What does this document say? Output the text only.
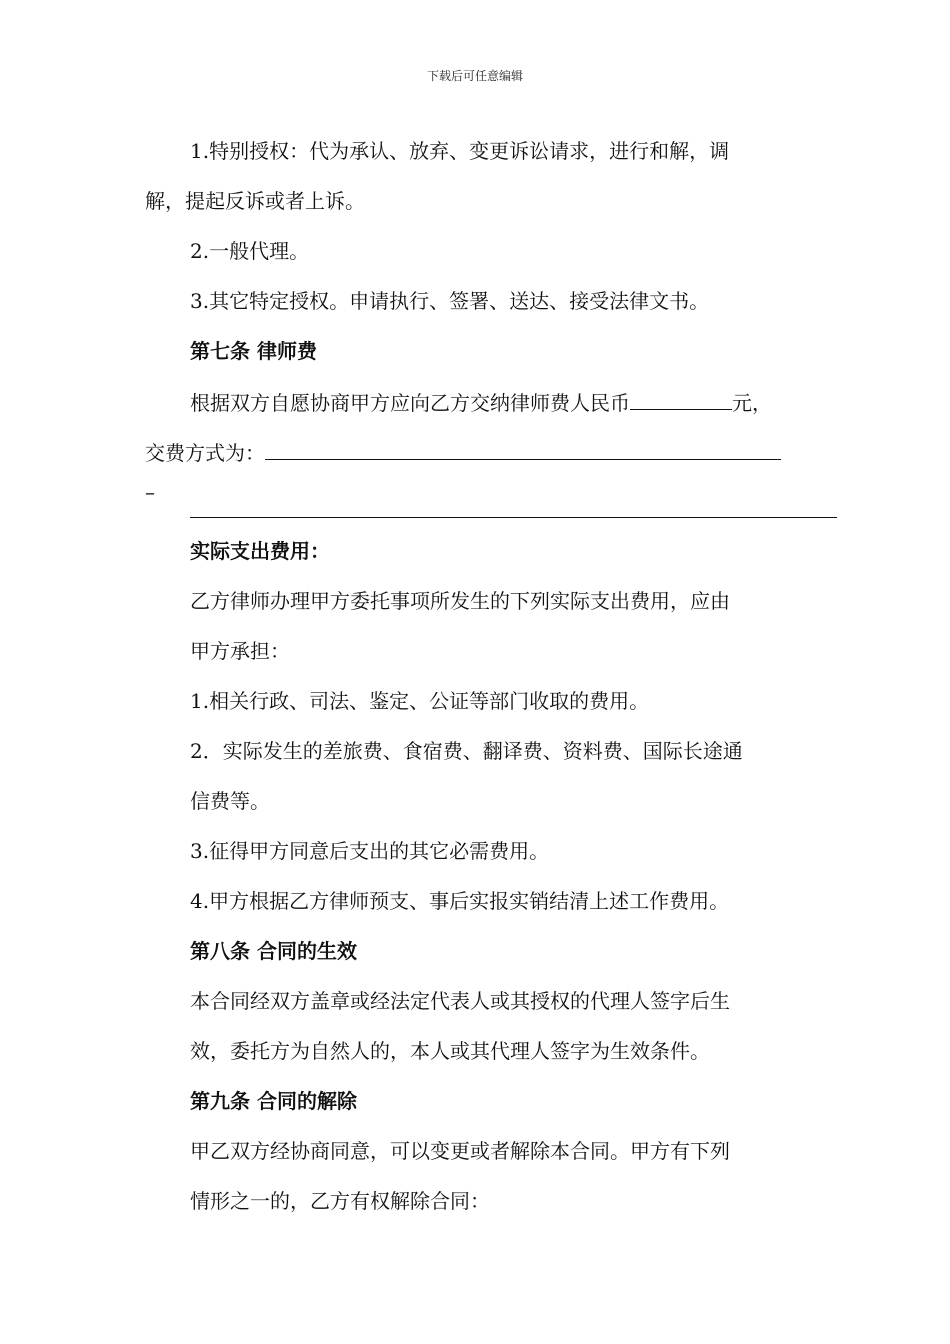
下载后可任意编辑
1.特别授权：代为承认、放弃、变更诉讼请求，进行和解，调
解，提起反诉或者上诉。
2.一般代理。
3.其它特定授权。申请执行、签署、送达、接受法律文书。
第七条 律师费
根据双方自愿协商甲方应向乙方交纳律师费人民币	元，
交费方式为：
–
实际支出费用：
乙方律师办理甲方委托事项所发生的下列实际支出费用，应由
甲方承担：
1.相关行政、司法、鉴定、公证等部门收取的费用。
2．实际发生的差旅费、食宿费、翻译费、资料费、国际长途通
信费等。
3.征得甲方同意后支出的其它必需费用。
4.甲方根据乙方律师预支、事后实报实销结清上述工作费用。
第八条 合同的生效
本合同经双方盖章或经法定代表人或其授权的代理人签字后生
效，委托方为自然人的，本人或其代理人签字为生效条件。
第九条 合同的解除
甲乙双方经协商同意，可以变更或者解除本合同。甲方有下列
情形之一的，乙方有权解除合同：
